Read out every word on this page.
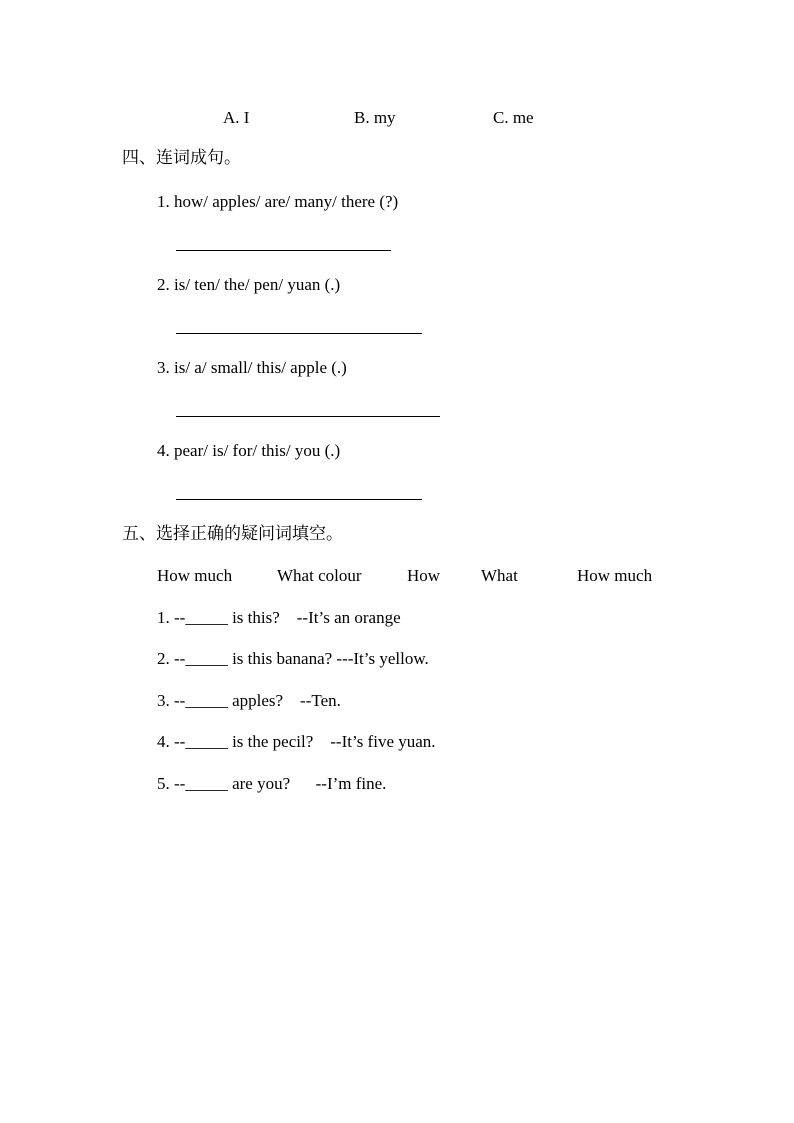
A. I	B. my	C. me
四、连词成句。
1. how/ apples/ are/ many/ there (?)
2. is/ ten/ the/ pen/ yuan (.)
3. is/ a/ small/ this/ apple (.)
4. pear/ is/ for/ this/ you (.)
五、选择正确的疑问词填空。
How much	What colour	How What	How much
1. --_____ is this?    --It’s an orange
2. --_____ is this banana? ---It’s yellow.
3. --_____ apples?    --Ten.
4. --_____ is the pecil?    --It’s five yuan.
5. --_____ are you?      --I’m fine.
